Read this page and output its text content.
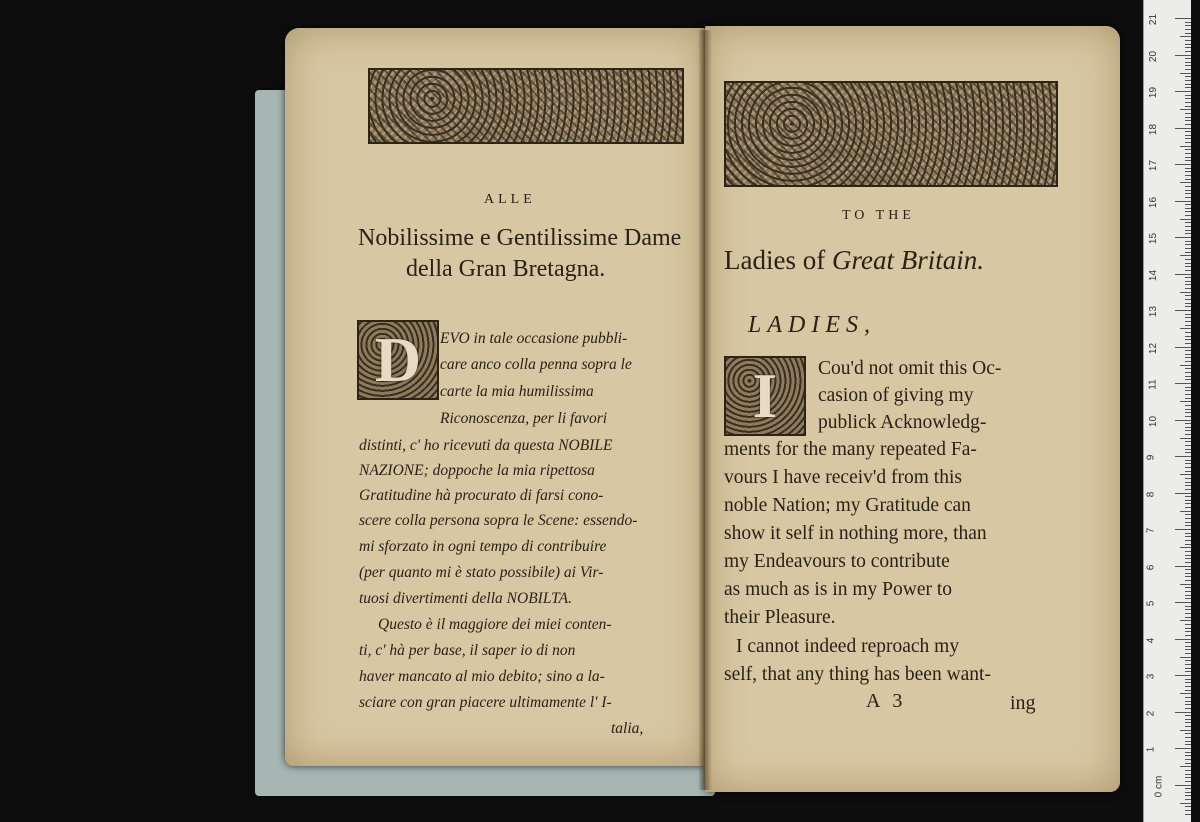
ALLE
Nobilissime e Gentilissime Dame
della Gran Bretagna.
D EVO in tale occasione pubbli-
care anco colla penna sopra le
carte la mia humilissima
Riconoscenza, per li favori
distinti, c' ho ricevuti da questa NOBILE
NAZIONE; doppoche la mia ripettosa
Gratitudine hà procurato di farsi cono-
scere colla persona sopra le Scene: essendo-
mi sforzato in ogni tempo di contribuire
(per quanto mi è stato possibile) ai Vir-
tuosi divertimenti della NOBILTA.
Questo è il maggiore dei miei conten-
ti, c' hà per base, il saper io di non
haver mancato al mio debito; sino a la-
sciare con gran piacere ultimamente l' I-
talia,
TO THE
Ladies of Great Britain.
LADIES,
I Cou'd not omit this Oc-
casion of giving my
publick Acknowledg-
ments for the many repeated Fa-
vours I have receiv'd from this
noble Nation; my Gratitude can
show it self in nothing more, than
my Endeavours to contribute
as much as is in my Power to
their Pleasure.
I cannot indeed reproach my
self, that any thing has been want-
A 3	ing
21
20
19
18
17
16
15
14
13
12
11
10
9
8
7
6
5
4
3
2
1
0 cm
